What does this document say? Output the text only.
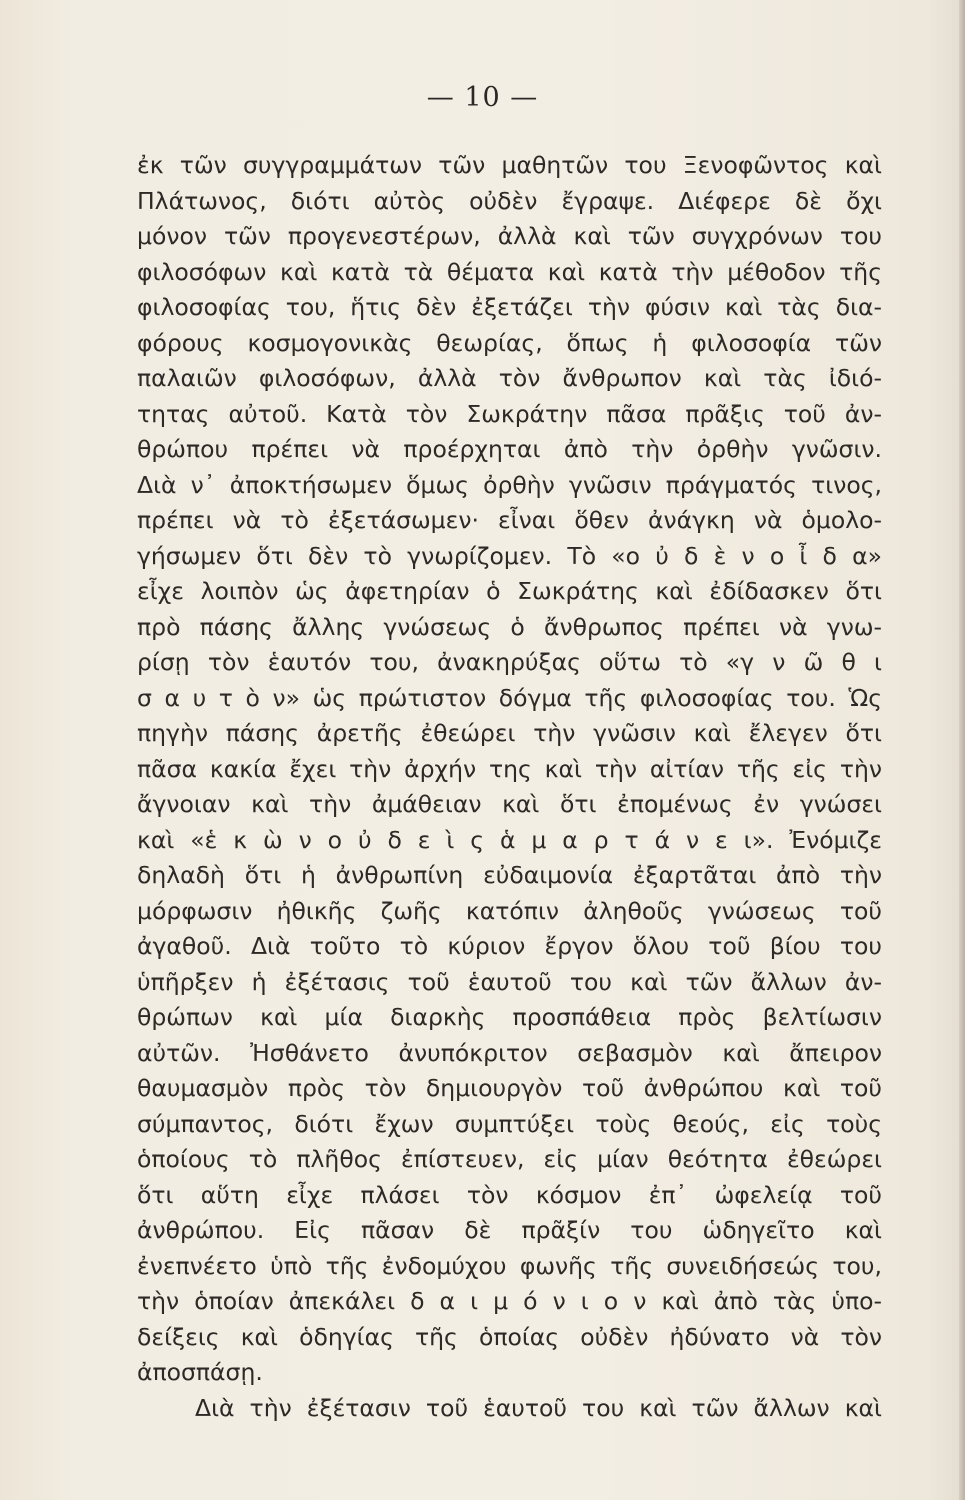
— 10 —
ἐκ τῶν συγγραμμάτων τῶν μαθητῶν του Ξενοφῶντος καὶ
Πλάτωνος, διότι αὐτὸς οὐδὲν ἔγραψε. Διέφερε δὲ ὄχι
μόνον τῶν προγενεστέρων, ἀλλὰ καὶ τῶν συγχρόνων του
φιλοσόφων καὶ κατὰ τὰ θέματα καὶ κατὰ τὴν μέθοδον τῆς
φιλοσοφίας του, ἥτις δὲν ἐξετάζει τὴν φύσιν καὶ τὰς δια-
φόρους κοσμογονικὰς θεωρίας, ὅπως ἡ φιλοσοφία τῶν
παλαιῶν φιλοσόφων, ἀλλὰ τὸν ἄνθρωπον καὶ τὰς ἰδιό-
τητας αὐτοῦ. Κατὰ τὸν Σωκράτην πᾶσα πρᾶξις τοῦ ἀν-
θρώπου πρέπει νὰ προέρχηται ἀπὸ τὴν ὀρθὴν γνῶσιν.
Διὰ ν᾽ ἀποκτήσωμεν ὅμως ὀρθὴν γνῶσιν πράγματός τινος,
πρέπει νὰ τὸ ἐξετάσωμεν· εἶναι ὅθεν ἀνάγκη νὰ ὁμολο-
γήσωμεν ὅτι δὲν τὸ γνωρίζομεν. Τὸ «ο ὐ δ ὲ ν ο ἶ δ α»
εἶχε λοιπὸν ὡς ἀφετηρίαν ὁ Σωκράτης καὶ ἐδίδασκεν ὅτι
πρὸ πάσης ἄλλης γνώσεως ὁ ἄνθρωπος πρέπει νὰ γνω-
ρίσῃ τὸν ἑαυτόν του, ἀνακηρύξας οὕτω τὸ «γ ν ῶ θ ι
σ α υ τ ὸ ν» ὡς πρώτιστον δόγμα τῆς φιλοσοφίας του. Ὡς
πηγὴν πάσης ἀρετῆς ἐθεώρει τὴν γνῶσιν καὶ ἔλεγεν ὅτι
πᾶσα κακία ἔχει τὴν ἀρχήν της καὶ τὴν αἰτίαν τῆς εἰς τὴν
ἄγνοιαν καὶ τὴν ἀμάθειαν καὶ ὅτι ἐπομένως ἐν γνώσει
καὶ «ἑ κ ὼ ν ο ὐ δ ε ὶ ς ἁ μ α ρ τ ά ν ε ι». Ἐνόμιζε
δηλαδὴ ὅτι ἡ ἀνθρωπίνη εὐδαιμονία ἐξαρτᾶται ἀπὸ τὴν
μόρφωσιν ἠθικῆς ζωῆς κατόπιν ἀληθοῦς γνώσεως τοῦ
ἀγαθοῦ. Διὰ τοῦτο τὸ κύριον ἔργον ὅλου τοῦ βίου του
ὑπῆρξεν ἡ ἐξέτασις τοῦ ἑαυτοῦ του καὶ τῶν ἄλλων ἀν-
θρώπων καὶ μία διαρκὴς προσπάθεια πρὸς βελτίωσιν
αὐτῶν. Ἠσθάνετο ἀνυπόκριτον σεβασμὸν καὶ ἄπειρον
θαυμασμὸν πρὸς τὸν δημιουργὸν τοῦ ἀνθρώπου καὶ τοῦ
σύμπαντος, διότι ἔχων συμπτύξει τοὺς θεούς, εἰς τοὺς
ὁποίους τὸ πλῆθος ἐπίστευεν, εἰς μίαν θεότητα ἐθεώρει
ὅτι αὕτη εἶχε πλάσει τὸν κόσμον ἐπ᾽ ὠφελείᾳ τοῦ
ἀνθρώπου. Εἰς πᾶσαν δὲ πρᾶξίν του ὡδηγεῖτο καὶ
ἐνεπνέετο ὑπὸ τῆς ἐνδομύχου φωνῆς τῆς συνειδήσεώς του,
τὴν ὁποίαν ἀπεκάλει δ α ι μ ό ν ι ο ν καὶ ἀπὸ τὰς ὑπο-
δείξεις καὶ ὁδηγίας τῆς ὁποίας οὐδὲν ἠδύνατο νὰ τὸν
ἀποσπάσῃ.
Διὰ τὴν ἐξέτασιν τοῦ ἑαυτοῦ του καὶ τῶν ἄλλων καὶ
